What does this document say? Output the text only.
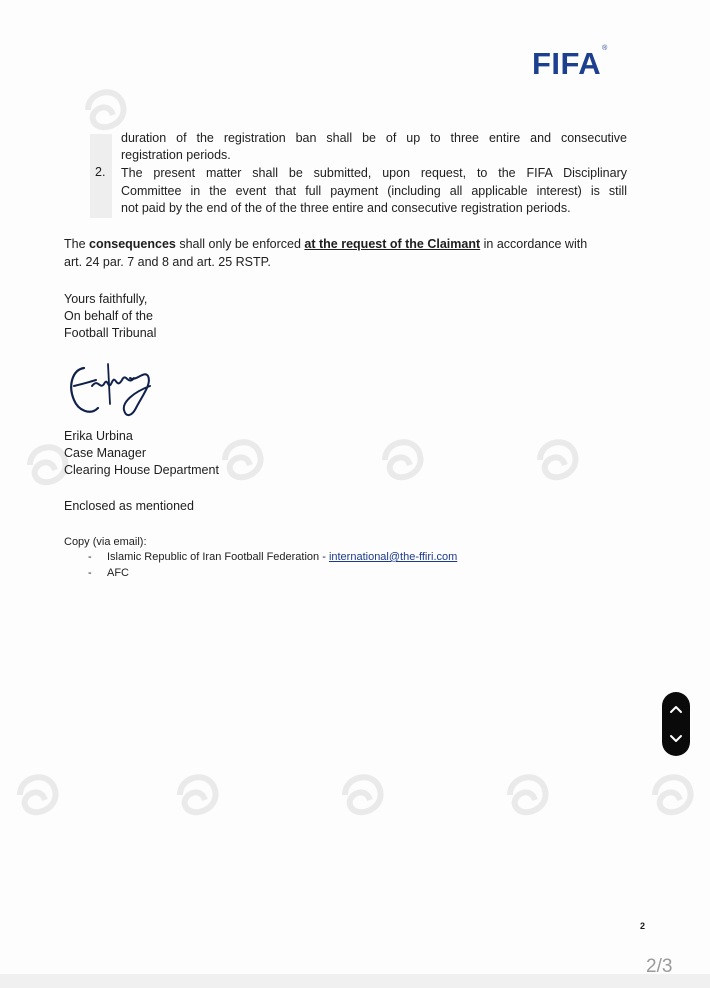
FIFA®
duration of the registration ban shall be of up to three entire and consecutive
registration periods.
2. The present matter shall be submitted, upon request, to the FIFA Disciplinary
Committee in the event that full payment (including all applicable interest) is still
not paid by the end of the of the three entire and consecutive registration periods.
The consequences shall only be enforced at the request of the Claimant in accordance with
art. 24 par. 7 and 8 and art. 25 RSTP.
Yours faithfully,
On behalf of the
Football Tribunal
Erika Urbina
Case Manager
Clearing House Department
Enclosed as mentioned
Copy (via email):
- Islamic Republic of Iran Football Federation - international@the-ffiri.com
- AFC
2
2/3
